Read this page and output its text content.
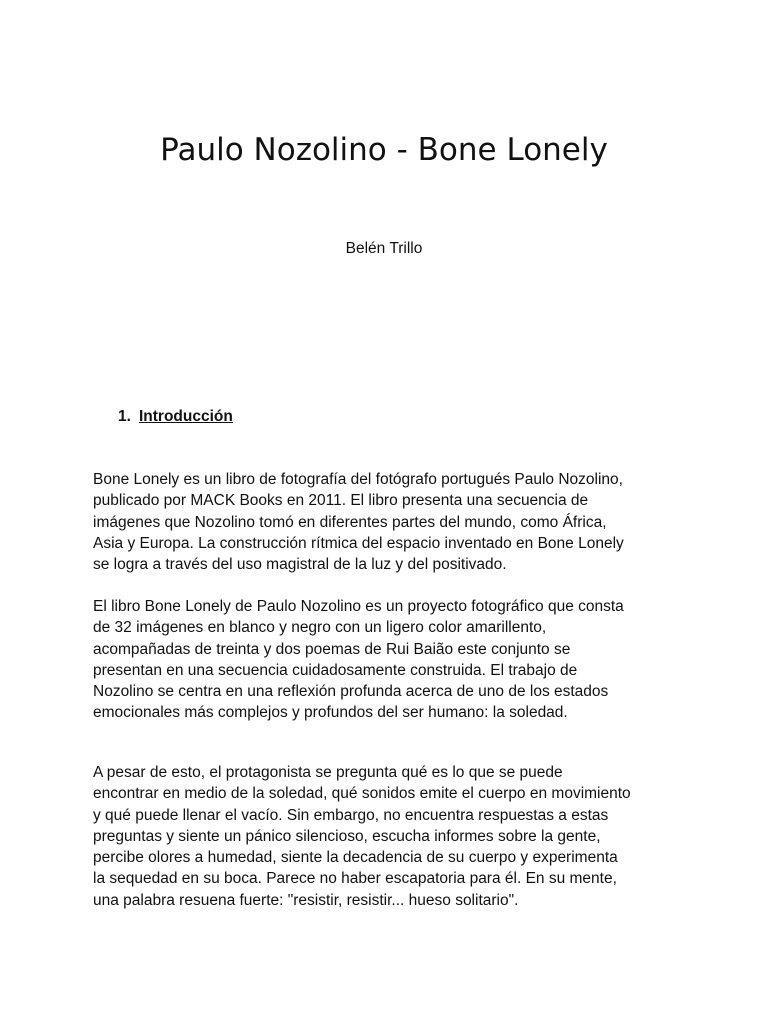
Paulo Nozolino - Bone Lonely

Belén Trillo

1. Introducción
Bone Lonely es un libro de fotografía del fotógrafo portugués Paulo Nozolino,
publicado por MACK Books en 2011. El libro presenta una secuencia de
imágenes que Nozolino tomó en diferentes partes del mundo, como África,
Asia y Europa. La construcción rítmica del espacio inventado en Bone Lonely
se logra a través del uso magistral de la luz y del positivado.
El libro Bone Lonely de Paulo Nozolino es un proyecto fotográfico que consta
de 32 imágenes en blanco y negro con un ligero color amarillento,
acompañadas de treinta y dos poemas de Rui Baião este conjunto se
presentan en una secuencia cuidadosamente construida. El trabajo de
Nozolino se centra en una reflexión profunda acerca de uno de los estados
emocionales más complejos y profundos del ser humano: la soledad.
A pesar de esto, el protagonista se pregunta qué es lo que se puede
encontrar en medio de la soledad, qué sonidos emite el cuerpo en movimiento
y qué puede llenar el vacío. Sin embargo, no encuentra respuestas a estas
preguntas y siente un pánico silencioso, escucha informes sobre la gente,
percibe olores a humedad, siente la decadencia de su cuerpo y experimenta
la sequedad en su boca. Parece no haber escapatoria para él. En su mente,
una palabra resuena fuerte: "resistir, resistir... hueso solitario".
